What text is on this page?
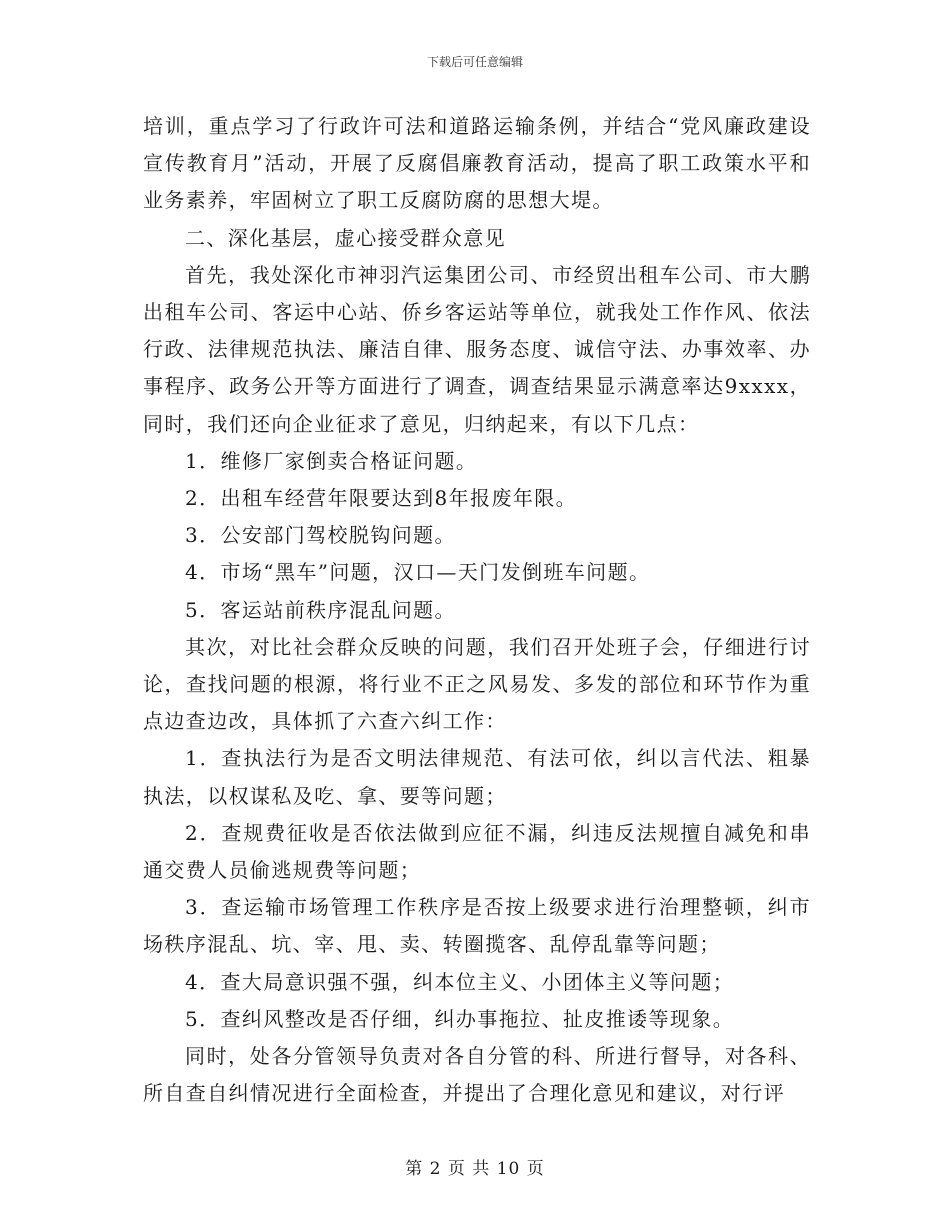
下载后可任意编辑

培训，重点学习了行政许可法和道路运输条例，并结合“党风廉政建设宣传教育月”活动，开展了反腐倡廉教育活动，提高了职工政策水平和业务素养，牢固树立了职工反腐防腐的思想大堤。

二、深化基层，虚心接受群众意见

首先，我处深化市神羽汽运集团公司、市经贸出租车公司、市大鹏出租车公司、客运中心站、侨乡客运站等单位，就我处工作作风、依法行政、法律规范执法、廉洁自律、服务态度、诚信守法、办事效率、办事程序、政务公开等方面进行了调查，调查结果显示满意率达9xxxx，同时，我们还向企业征求了意见，归纳起来，有以下几点：

1．维修厂家倒卖合格证问题。

2．出租车经营年限要达到8年报废年限。

3．公安部门驾校脱钩问题。

4．市场“黑车”问题，汉口—天门发倒班车问题。

5．客运站前秩序混乱问题。

其次，对比社会群众反映的问题，我们召开处班子会，仔细进行讨论，查找问题的根源，将行业不正之风易发、多发的部位和环节作为重点边查边改，具体抓了六查六纠工作：

1．查执法行为是否文明法律规范、有法可依，纠以言代法、粗暴执法，以权谋私及吃、拿、要等问题；

2．查规费征收是否依法做到应征不漏，纠违反法规擅自减免和串通交费人员偷逃规费等问题；

3．查运输市场管理工作秩序是否按上级要求进行治理整顿，纠市场秩序混乱、坑、宰、甩、卖、转圈揽客、乱停乱靠等问题；

4．查大局意识强不强，纠本位主义、小团体主义等问题；

5．查纠风整改是否仔细，纠办事拖拉、扯皮推诿等现象。

同时，处各分管领导负责对各自分管的科、所进行督导，对各科、所自查自纠情况进行全面检查，并提出了合理化意见和建议，对行评

第 2 页 共 10 页
